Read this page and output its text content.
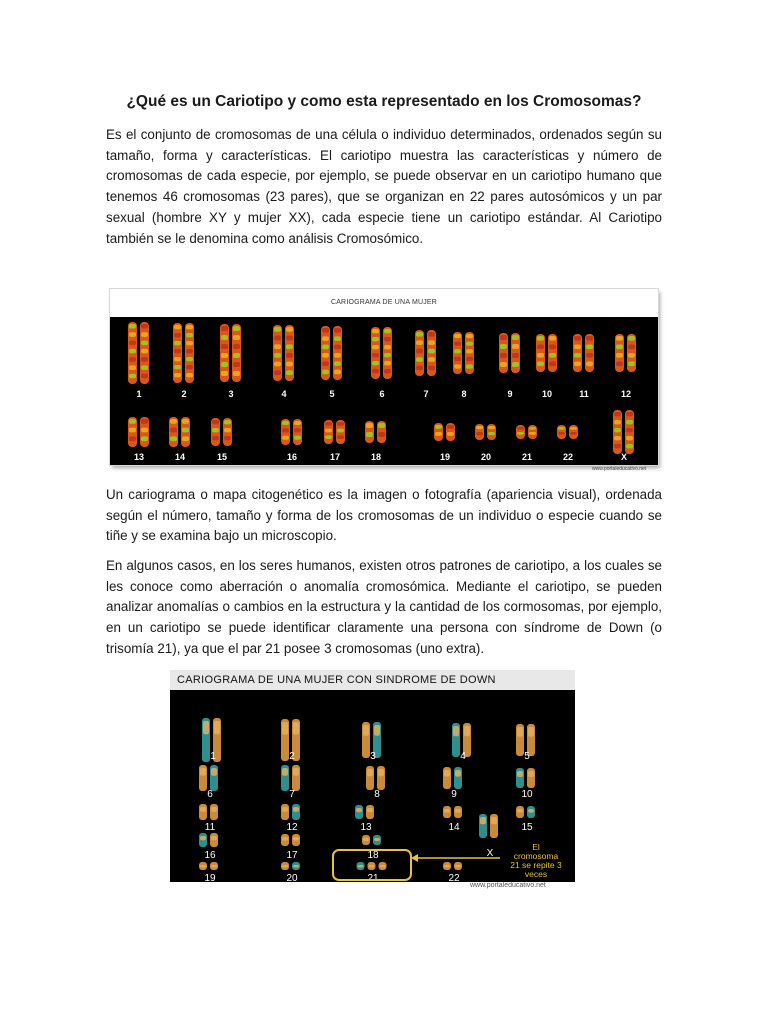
¿Qué es un Cariotipo y como esta representado en los Cromosomas?
Es el conjunto de cromosomas de una célula o individuo determinados, ordenados según su tamaño, forma y características. El cariotipo muestra las características y número de cromosomas de cada especie, por ejemplo, se puede observar en un cariotipo humano que tenemos 46 cromosomas (23 pares), que se organizan en 22 pares autosómicos y un par sexual (hombre XY y mujer XX), cada especie tiene un cariotipo estándar. Al Cariotipo también se le denomina como análisis Cromosómico.
CARIOGRAMA DE UNA MUJER
1	2	3	4	5	6	7	8	9	10	11	12
13	14	15	16	17	18	19	20	21	22	X
www.portaleducativo.net
Un cariograma o mapa citogenético es la imagen o fotografía (apariencia visual), ordenada según el número, tamaño y forma de los cromosomas de un individuo o especie cuando se tiñe y se examina bajo un microscopio.
En algunos casos, en los seres humanos, existen otros patrones de cariotipo, a los cuales se les conoce como aberración o anomalía cromosómica. Mediante el cariotipo, se pueden analizar anomalías o cambios en la estructura y la cantidad de los cormosomas, por ejemplo, en un cariotipo se puede identificar claramente una persona con síndrome de Down (o trisomía 21), ya que el par 21 posee 3 cromosomas (uno extra).
CARIOGRAMA DE UNA MUJER CON SINDROME DE DOWN
1	2	3	4	5
6	7	8	9	10
11	12	13	14	15
16	17	18	X
19	20	21	22
El
cromosoma
21 se repite 3
veces
www.portaleducativo.net
